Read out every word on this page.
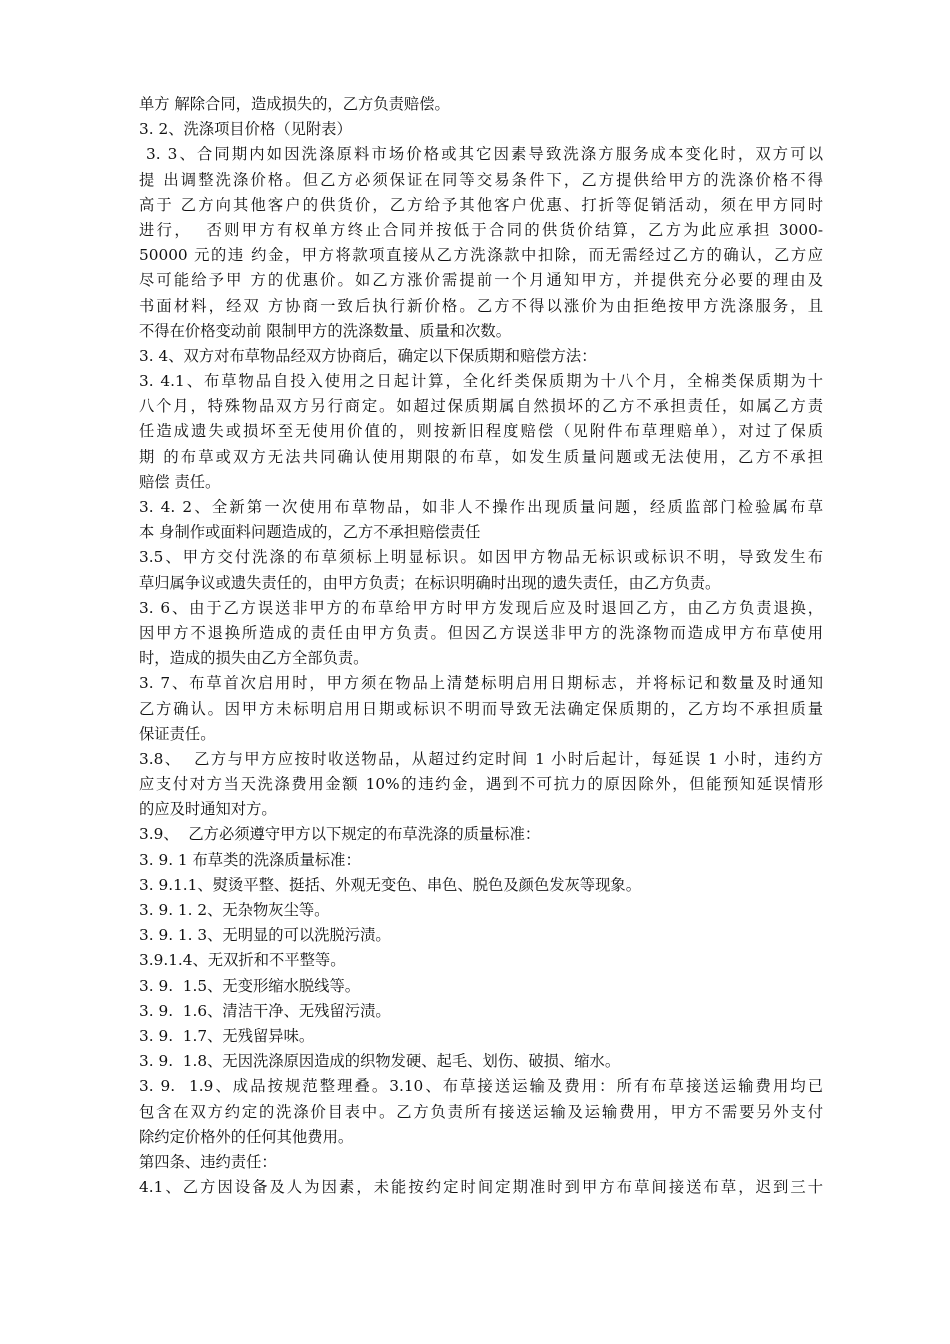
单方 解除合同，造成损失的，乙方负责赔偿。
3. 2、洗涤项目价格（见附表）
3. 3、合同期内如因洗涤原料市场价格或其它因素导致洗涤方服务成本变化时，双方可以
提 出调整洗涤价格。但乙方必须保证在同等交易条件下，乙方提供给甲方的洗涤价格不得
高于 乙方向其他客户的供货价，乙方给予其他客户优惠、打折等促销活动，须在甲方同时
进行，  否则甲方有权单方终止合同并按低于合同的供货价结算，乙方为此应承担 3000-
50000 元的违 约金，甲方将款项直接从乙方洗涤款中扣除，而无需经过乙方的确认，乙方应
尽可能给予甲 方的优惠价。如乙方涨价需提前一个月通知甲方，并提供充分必要的理由及
书面材料，经双 方协商一致后执行新价格。乙方不得以涨价为由拒绝按甲方洗涤服务，且
不得在价格变动前 限制甲方的洗涤数量、质量和次数。
3. 4、双方对布草物品经双方协商后，确定以下保质期和赔偿方法：
3. 4.1、布草物品自投入使用之日起计算，全化纤类保质期为十八个月，全棉类保质期为十
八个月，特殊物品双方另行商定。如超过保质期属自然损坏的乙方不承担责任，如属乙方责
任造成遗失或损坏至无使用价值的，则按新旧程度赔偿（见附件布草理赔单），对过了保质
期 的布草或双方无法共同确认使用期限的布草，如发生质量问题或无法使用，乙方不承担
赔偿 责任。
3. 4. 2、全新第一次使用布草物品，如非人不操作出现质量问题，经质监部门检验属布草
本 身制作或面料问题造成的，乙方不承担赔偿责任
3.5、甲方交付洗涤的布草须标上明显标识。如因甲方物品无标识或标识不明，导致发生布
草归属争议或遗失责任的，由甲方负责；在标识明确时出现的遗失责任，由乙方负责。
3. 6、由于乙方误送非甲方的布草给甲方时甲方发现后应及时退回乙方，由乙方负责退换，
因甲方不退换所造成的责任由甲方负责。但因乙方误送非甲方的洗涤物而造成甲方布草使用
时，造成的损失由乙方全部负责。
3. 7、布草首次启用时，甲方须在物品上清楚标明启用日期标志，并将标记和数量及时通知
乙方确认。因甲方未标明启用日期或标识不明而导致无法确定保质期的，乙方均不承担质量
保证责任。
3.8、  乙方与甲方应按时收送物品，从超过约定时间 1 小时后起计，每延误 1 小时，违约方
应支付对方当天洗涤费用金额 10%的违约金，遇到不可抗力的原因除外，但能预知延误情形
的应及时通知对方。
3.9、  乙方必须遵守甲方以下规定的布草洗涤的质量标准：
3. 9. 1 布草类的洗涤质量标准：
3. 9.1.1、熨烫平整、挺括、外观无变色、串色、脱色及颜色发灰等现象。
3. 9. 1. 2、无杂物灰尘等。
3. 9. 1. 3、无明显的可以洗脱污渍。
3.9.1.4、无双折和不平整等。
3. 9.  1.5、无变形缩水脱线等。
3. 9.  1.6、清洁干净、无残留污渍。
3. 9.  1.7、无残留异味。
3. 9.  1.8、无因洗涤原因造成的织物发硬、起毛、划伤、破损、缩水。
3. 9.  1.9、成品按规范整理叠。3.10、布草接送运输及费用：所有布草接送运输费用均已
包含在双方约定的洗涤价目表中。乙方负责所有接送运输及运输费用，甲方不需要另外支付
除约定价格外的任何其他费用。
第四条、违约责任：
4.1、乙方因设备及人为因素，未能按约定时间定期准时到甲方布草间接送布草，迟到三十
